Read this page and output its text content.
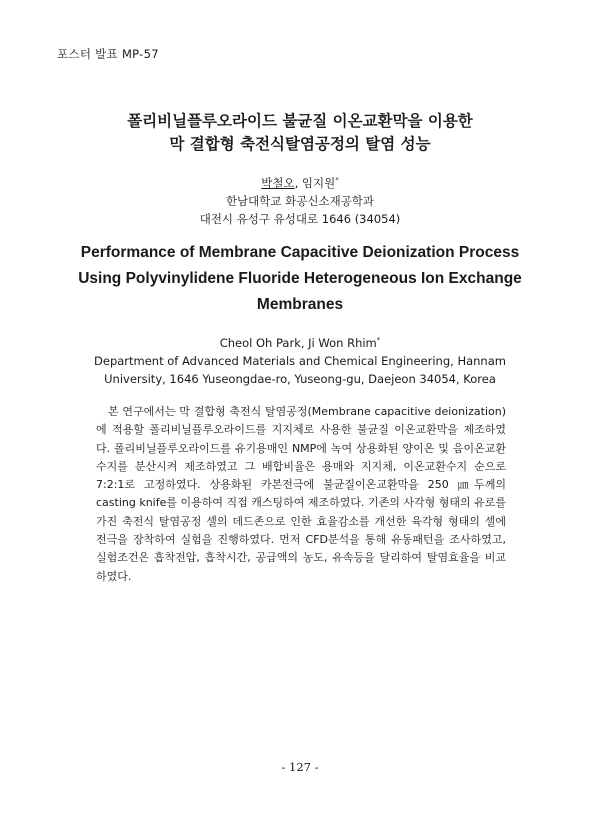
포스터 발표 MP-57
폴리비닐플루오라이드 불균질 이온교환막을 이용한
막 결합형 축전식탈염공정의 탈염 성능
박철오, 임지원*
한남대학교 화공신소재공학과
대전시 유성구 유성대로 1646 (34054)
Performance of Membrane Capacitive Deionization Process
Using Polyvinylidene Fluoride Heterogeneous Ion Exchange
Membranes
Cheol Oh Park, Ji Won Rhim*
Department of Advanced Materials and Chemical Engineering, Hannam
University, 1646 Yuseongdae-ro, Yuseong-gu, Daejeon 34054, Korea

본 연구에서는 막 결합형 축전식 탈염공정(Membrane capacitive deionization)에 적용할 폴리비닐플루오라이드를 지지체로 사용한 불균질 이온교환막을 제조하였다. 폴리비닐플루오라이드를 유기용매인 NMP에 녹여 상용화된 양이온 및 음이온교환수지를 분산시켜 제조하였고 그 배합비율은 용매와 지지체, 이온교환수지 순으로 7:2:1로 고정하였다. 상용화된 카본전극에 불균질이온교환막을 250 ㎛두께의 casting knife를 이용하여 직접 캐스팅하여 제조하였다. 기존의 사각형 형태의 유로를 가진 축전식 탈염공정 셀의 데드존으로 인한 효율감소를 개선한 육각형 형태의 셀에 전극을 장착하여 실험을 진행하였다. 먼저 CFD분석을 통해 유동패턴을 조사하였고, 실험조건은 흡착전압, 흡착시간, 공급액의 농도, 유속등을 달리하여 탈염효율을 비교하였다.

- 127 -
